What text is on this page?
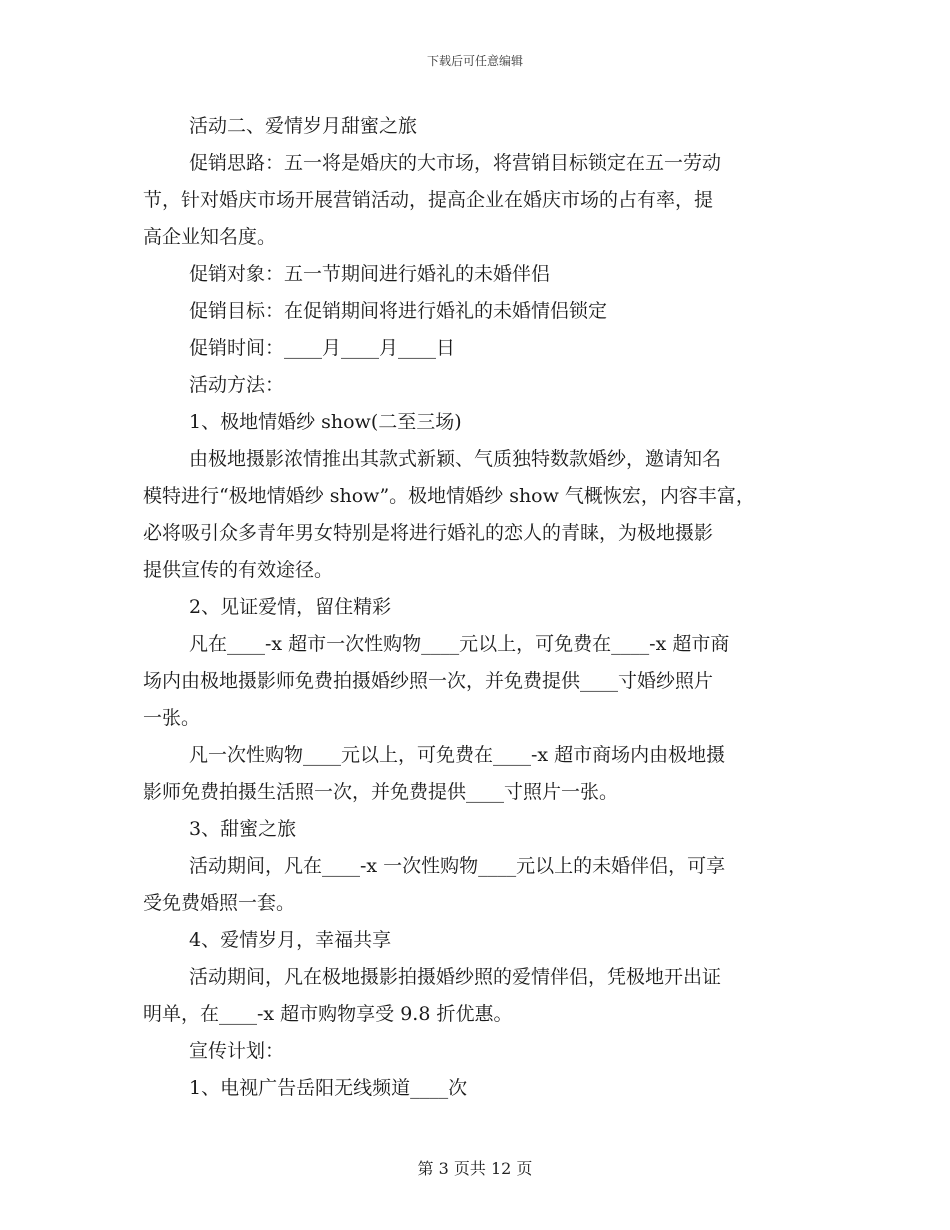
下载后可任意编辑
活动二、爱情岁月甜蜜之旅
促销思路：五一将是婚庆的大市场，将营销目标锁定在五一劳动
节，针对婚庆市场开展营销活动，提高企业在婚庆市场的占有率，提
高企业知名度。
促销对象：五一节期间进行婚礼的未婚伴侣
促销目标：在促销期间将进行婚礼的未婚情侣锁定
促销时间：____月____月____日
活动方法：
1、极地情婚纱 show(二至三场)
由极地摄影浓情推出其款式新颖、气质独特数款婚纱，邀请知名
模特进行“极地情婚纱 show”。极地情婚纱 show 气概恢宏，内容丰富，
必将吸引众多青年男女特别是将进行婚礼的恋人的青睐，为极地摄影
提供宣传的有效途径。
2、见证爱情，留住精彩
凡在____-x 超市一次性购物____元以上，可免费在____-x 超市商
场内由极地摄影师免费拍摄婚纱照一次，并免费提供____寸婚纱照片
一张。
凡一次性购物____元以上，可免费在____-x 超市商场内由极地摄
影师免费拍摄生活照一次，并免费提供____寸照片一张。
3、甜蜜之旅
活动期间，凡在____-x 一次性购物____元以上的未婚伴侣，可享
受免费婚照一套。
4、爱情岁月，幸福共享
活动期间，凡在极地摄影拍摄婚纱照的爱情伴侣，凭极地开出证
明单，在____-x 超市购物享受 9.8 折优惠。
宣传计划：
1、电视广告岳阳无线频道____次
第 3 页共 12 页
